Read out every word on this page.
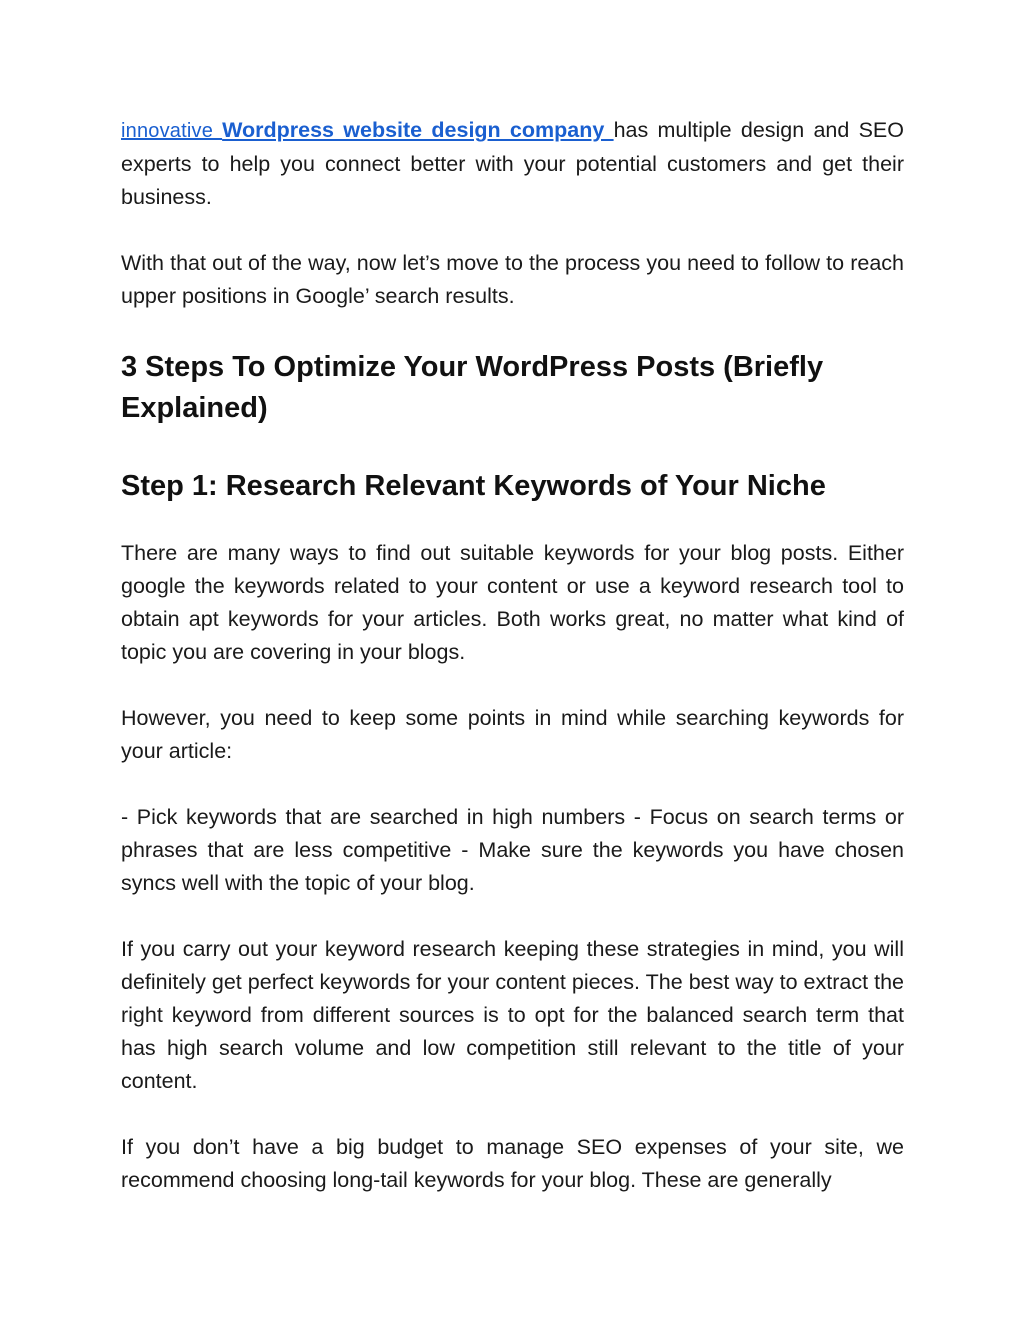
innovative Wordpress website design company has multiple design and SEO experts to help you connect better with your potential customers and get their business.

With that out of the way, now let’s move to the process you need to follow to reach upper positions in Google’ search results.

3 Steps To Optimize Your WordPress Posts (Briefly Explained)
Step 1: Research Relevant Keywords of Your Niche

There are many ways to find out suitable keywords for your blog posts. Either google the keywords related to your content or use a keyword research tool to obtain apt keywords for your articles. Both works great, no matter what kind of topic you are covering in your blogs.

However, you need to keep some points in mind while searching keywords for your article:

- Pick keywords that are searched in high numbers - Focus on search terms or phrases that are less competitive - Make sure the keywords you have chosen syncs well with the topic of your blog.

If you carry out your keyword research keeping these strategies in mind, you will definitely get perfect keywords for your content pieces. The best way to extract the right keyword from different sources is to opt for the balanced search term that has high search volume and low competition still relevant to the title of your content.

If you don’t have a big budget to manage SEO expenses of your site, we recommend choosing long-tail keywords for your blog. These are generally
